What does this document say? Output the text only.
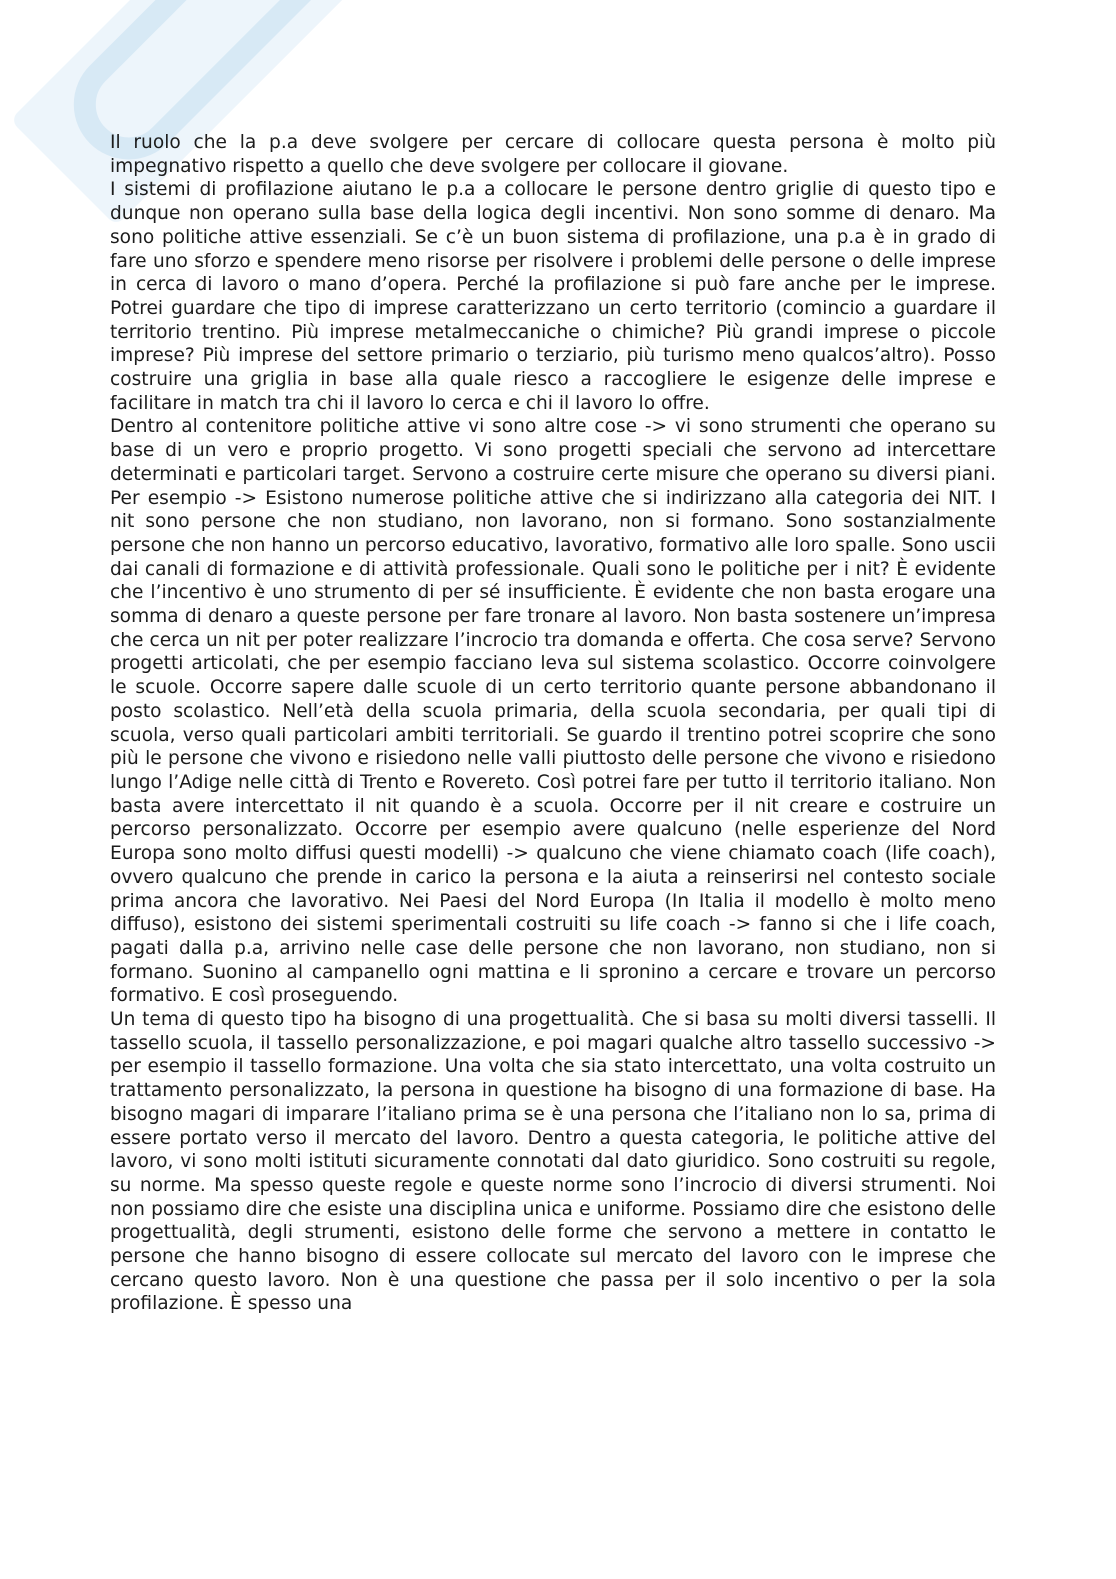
Il ruolo che la p.a deve svolgere per cercare di collocare questa persona è molto più impegnativo rispetto a quello che deve svolgere per collocare il giovane.

I sistemi di profilazione aiutano le p.a a collocare le persone dentro griglie di questo tipo e dunque non operano sulla base della logica degli incentivi. Non sono somme di denaro. Ma sono politiche attive essenziali. Se c’è un buon sistema di profilazione, una p.a è in grado di fare uno sforzo e spendere meno risorse per risolvere i problemi delle persone o delle imprese in cerca di lavoro o mano d’opera. Perché la profilazione si può fare anche per le imprese. Potrei guardare che tipo di imprese caratterizzano un certo territorio (comincio a guardare il territorio trentino. Più imprese metalmeccaniche o chimiche? Più grandi imprese o piccole imprese? Più imprese del settore primario o terziario, più turismo meno qualcos’altro). Posso costruire una griglia in base alla quale riesco a raccogliere le esigenze delle imprese e facilitare in match tra chi il lavoro lo cerca e chi il lavoro lo offre.

Dentro al contenitore politiche attive vi sono altre cose -> vi sono strumenti che operano su base di un vero e proprio progetto. Vi sono progetti speciali che servono ad intercettare determinati e particolari target. Servono a costruire certe misure che operano su diversi piani. Per esempio -> Esistono numerose politiche attive che si indirizzano alla categoria dei NIT. I nit sono persone che non studiano, non lavorano, non si formano. Sono sostanzialmente persone che non hanno un percorso educativo, lavorativo, formativo alle loro spalle. Sono uscii dai canali di formazione e di attività professionale. Quali sono le politiche per i nit? È evidente che l’incentivo è uno strumento di per sé insufficiente. È evidente che non basta erogare una somma di denaro a queste persone per fare tronare al lavoro. Non basta sostenere un’impresa che cerca un nit per poter realizzare l’incrocio tra domanda e offerta. Che cosa serve? Servono progetti articolati, che per esempio facciano leva sul sistema scolastico. Occorre coinvolgere le scuole. Occorre sapere dalle scuole di un certo territorio quante persone abbandonano il posto scolastico. Nell’età della scuola primaria, della scuola secondaria, per quali tipi di scuola, verso quali particolari ambiti territoriali. Se guardo il trentino potrei scoprire che sono più le persone che vivono e risiedono nelle valli piuttosto delle persone che vivono e risiedono lungo l’Adige nelle città di Trento e Rovereto. Così potrei fare per tutto il territorio italiano. Non basta avere intercettato il nit quando è a scuola. Occorre per il nit creare e costruire un percorso personalizzato. Occorre per esempio avere qualcuno (nelle esperienze del Nord Europa sono molto diffusi questi modelli) -> qualcuno che viene chiamato coach (life coach), ovvero qualcuno che prende in carico la persona e la aiuta a reinserirsi nel contesto sociale prima ancora che lavorativo. Nei Paesi del Nord Europa (In Italia il modello è molto meno diffuso), esistono dei sistemi sperimentali costruiti su life coach -> fanno si che i life coach, pagati dalla p.a, arrivino nelle case delle persone che non lavorano, non studiano, non si formano. Suonino al campanello ogni mattina e li spronino a cercare e trovare un percorso formativo. E così proseguendo.

Un tema di questo tipo ha bisogno di una progettualità. Che si basa su molti diversi tasselli. Il tassello scuola, il tassello personalizzazione, e poi magari qualche altro tassello successivo -> per esempio il tassello formazione. Una volta che sia stato intercettato, una volta costruito un trattamento personalizzato, la persona in questione ha bisogno di una formazione di base. Ha bisogno magari di imparare l’italiano prima se è una persona che l’italiano non lo sa, prima di essere portato verso il mercato del lavoro. Dentro a questa categoria, le politiche attive del lavoro, vi sono molti istituti sicuramente connotati dal dato giuridico. Sono costruiti su regole, su norme. Ma spesso queste regole e queste norme sono l’incrocio di diversi strumenti. Noi non possiamo dire che esiste una disciplina unica e uniforme. Possiamo dire che esistono delle progettualità, degli strumenti, esistono delle forme che servono a mettere in contatto le persone che hanno bisogno di essere collocate sul mercato del lavoro con le imprese che cercano questo lavoro. Non è una questione che passa per il solo incentivo o per la sola profilazione. È spesso una
